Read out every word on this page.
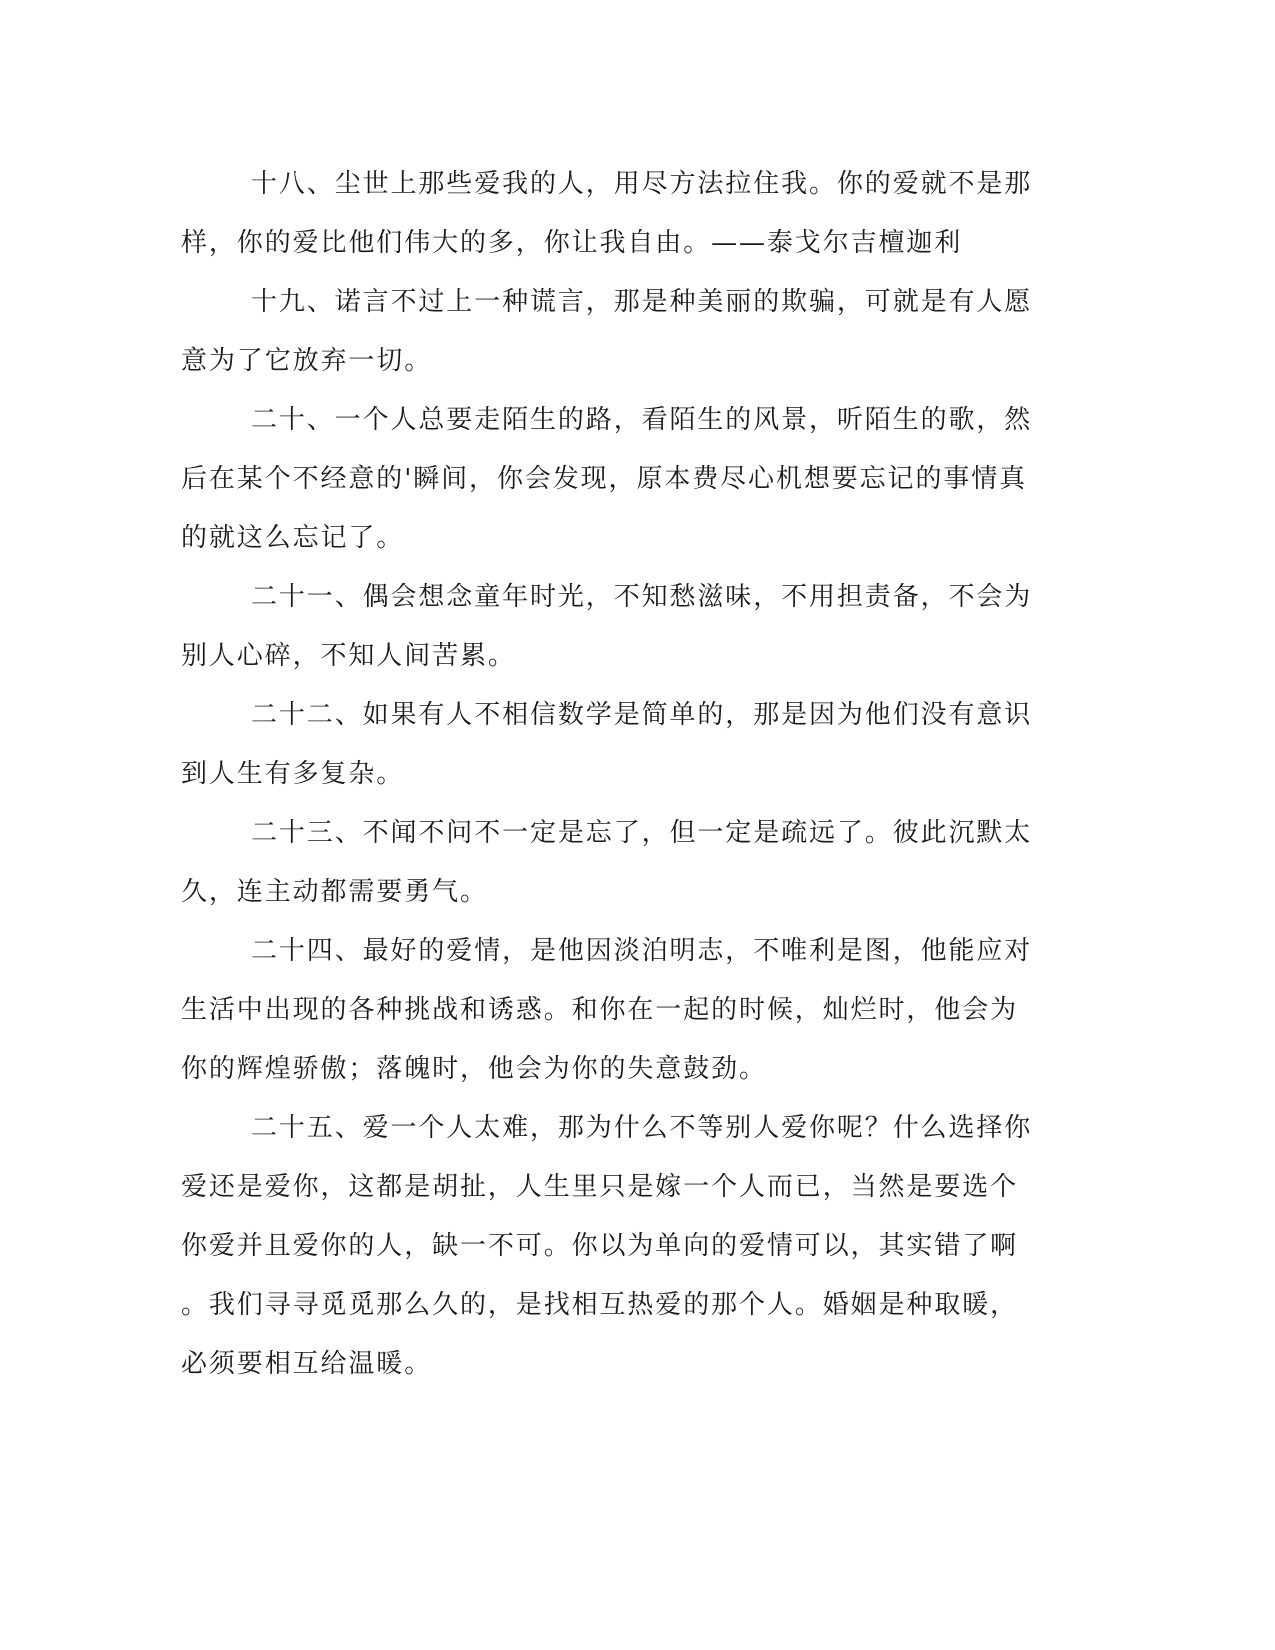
十八、尘世上那些爱我的人，用尽方法拉住我。你的爱就不是那
样，你的爱比他们伟大的多，你让我自由。——泰戈尔吉檀迦利
十九、诺言不过上一种谎言，那是种美丽的欺骗，可就是有人愿
意为了它放弃一切。
二十、一个人总要走陌生的路，看陌生的风景，听陌生的歌，然
后在某个不经意的'瞬间，你会发现，原本费尽心机想要忘记的事情真
的就这么忘记了。
二十一、偶会想念童年时光，不知愁滋味，不用担责备，不会为
别人心碎，不知人间苦累。
二十二、如果有人不相信数学是简单的，那是因为他们没有意识
到人生有多复杂。
二十三、不闻不问不一定是忘了，但一定是疏远了。彼此沉默太
久，连主动都需要勇气。
二十四、最好的爱情，是他因淡泊明志，不唯利是图，他能应对
生活中出现的各种挑战和诱惑。和你在一起的时候，灿烂时，他会为
你的辉煌骄傲；落魄时，他会为你的失意鼓劲。
二十五、爱一个人太难，那为什么不等别人爱你呢？什么选择你
爱还是爱你，这都是胡扯，人生里只是嫁一个人而已，当然是要选个
你爱并且爱你的人，缺一不可。你以为单向的爱情可以，其实错了啊
。我们寻寻觅觅那么久的，是找相互热爱的那个人。婚姻是种取暖，
必须要相互给温暖。
